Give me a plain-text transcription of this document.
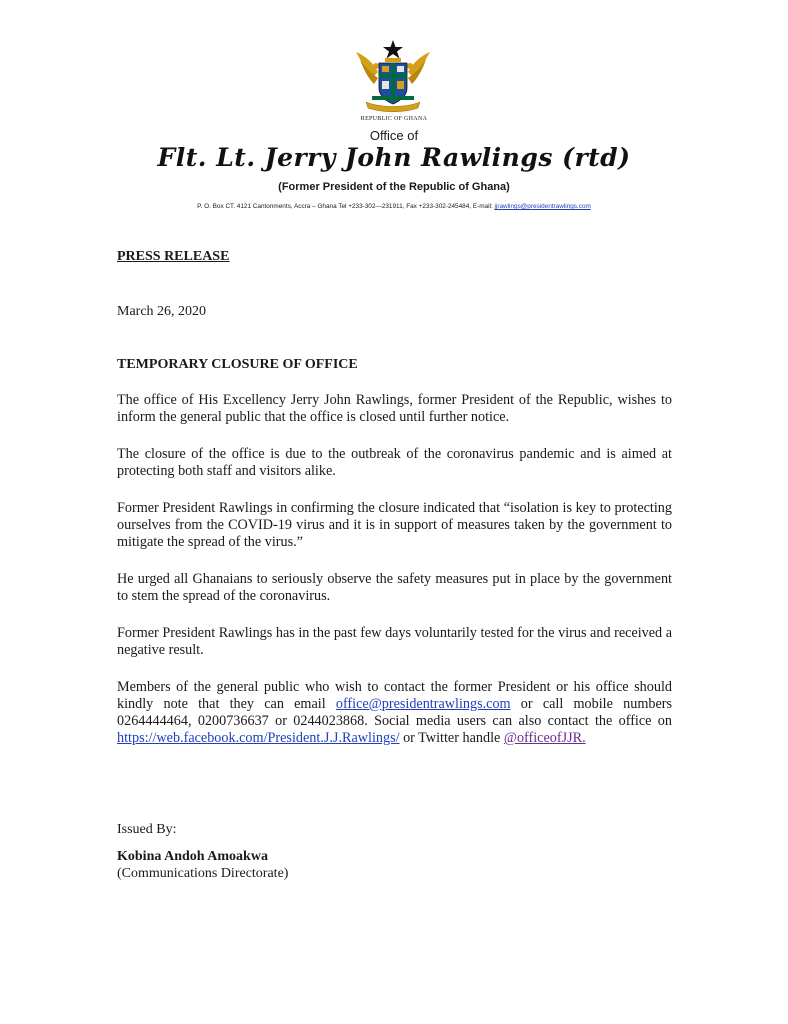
REPUBLIC OF GHANA
Office of
Flt. Lt. Jerry John Rawlings (rtd)
(Former President of the Republic of Ghana)
P. O. Box CT. 4121 Cantonments, Accra – Ghana Tel +233-302—231911, Fax +233-302-245484, E-mail: jjrawlings@presidentrawlings.com
PRESS RELEASE
March 26, 2020
TEMPORARY CLOSURE OF OFFICE

The office of His Excellency Jerry John Rawlings, former President of the Republic, wishes to inform the general public that the office is closed until further notice.

The closure of the office is due to the outbreak of the coronavirus pandemic and is aimed at protecting both staff and visitors alike.

Former President Rawlings in confirming the closure indicated that “isolation is key to protecting ourselves from the COVID-19 virus and it is in support of measures taken by the government to mitigate the spread of the virus.”

He urged all Ghanaians to seriously observe the safety measures put in place by the government to stem the spread of the coronavirus.

Former President Rawlings has in the past few days voluntarily tested for the virus and received a negative result.

Members of the general public who wish to contact the former President or his office should kindly note that they can email office@presidentrawlings.com or call mobile numbers 0264444464, 0200736637 or 0244023868. Social media users can also contact the office on https://web.facebook.com/President.J.J.Rawlings/ or Twitter handle @officeofJJR.

Issued By:
Kobina Andoh Amoakwa
(Communications Directorate)
